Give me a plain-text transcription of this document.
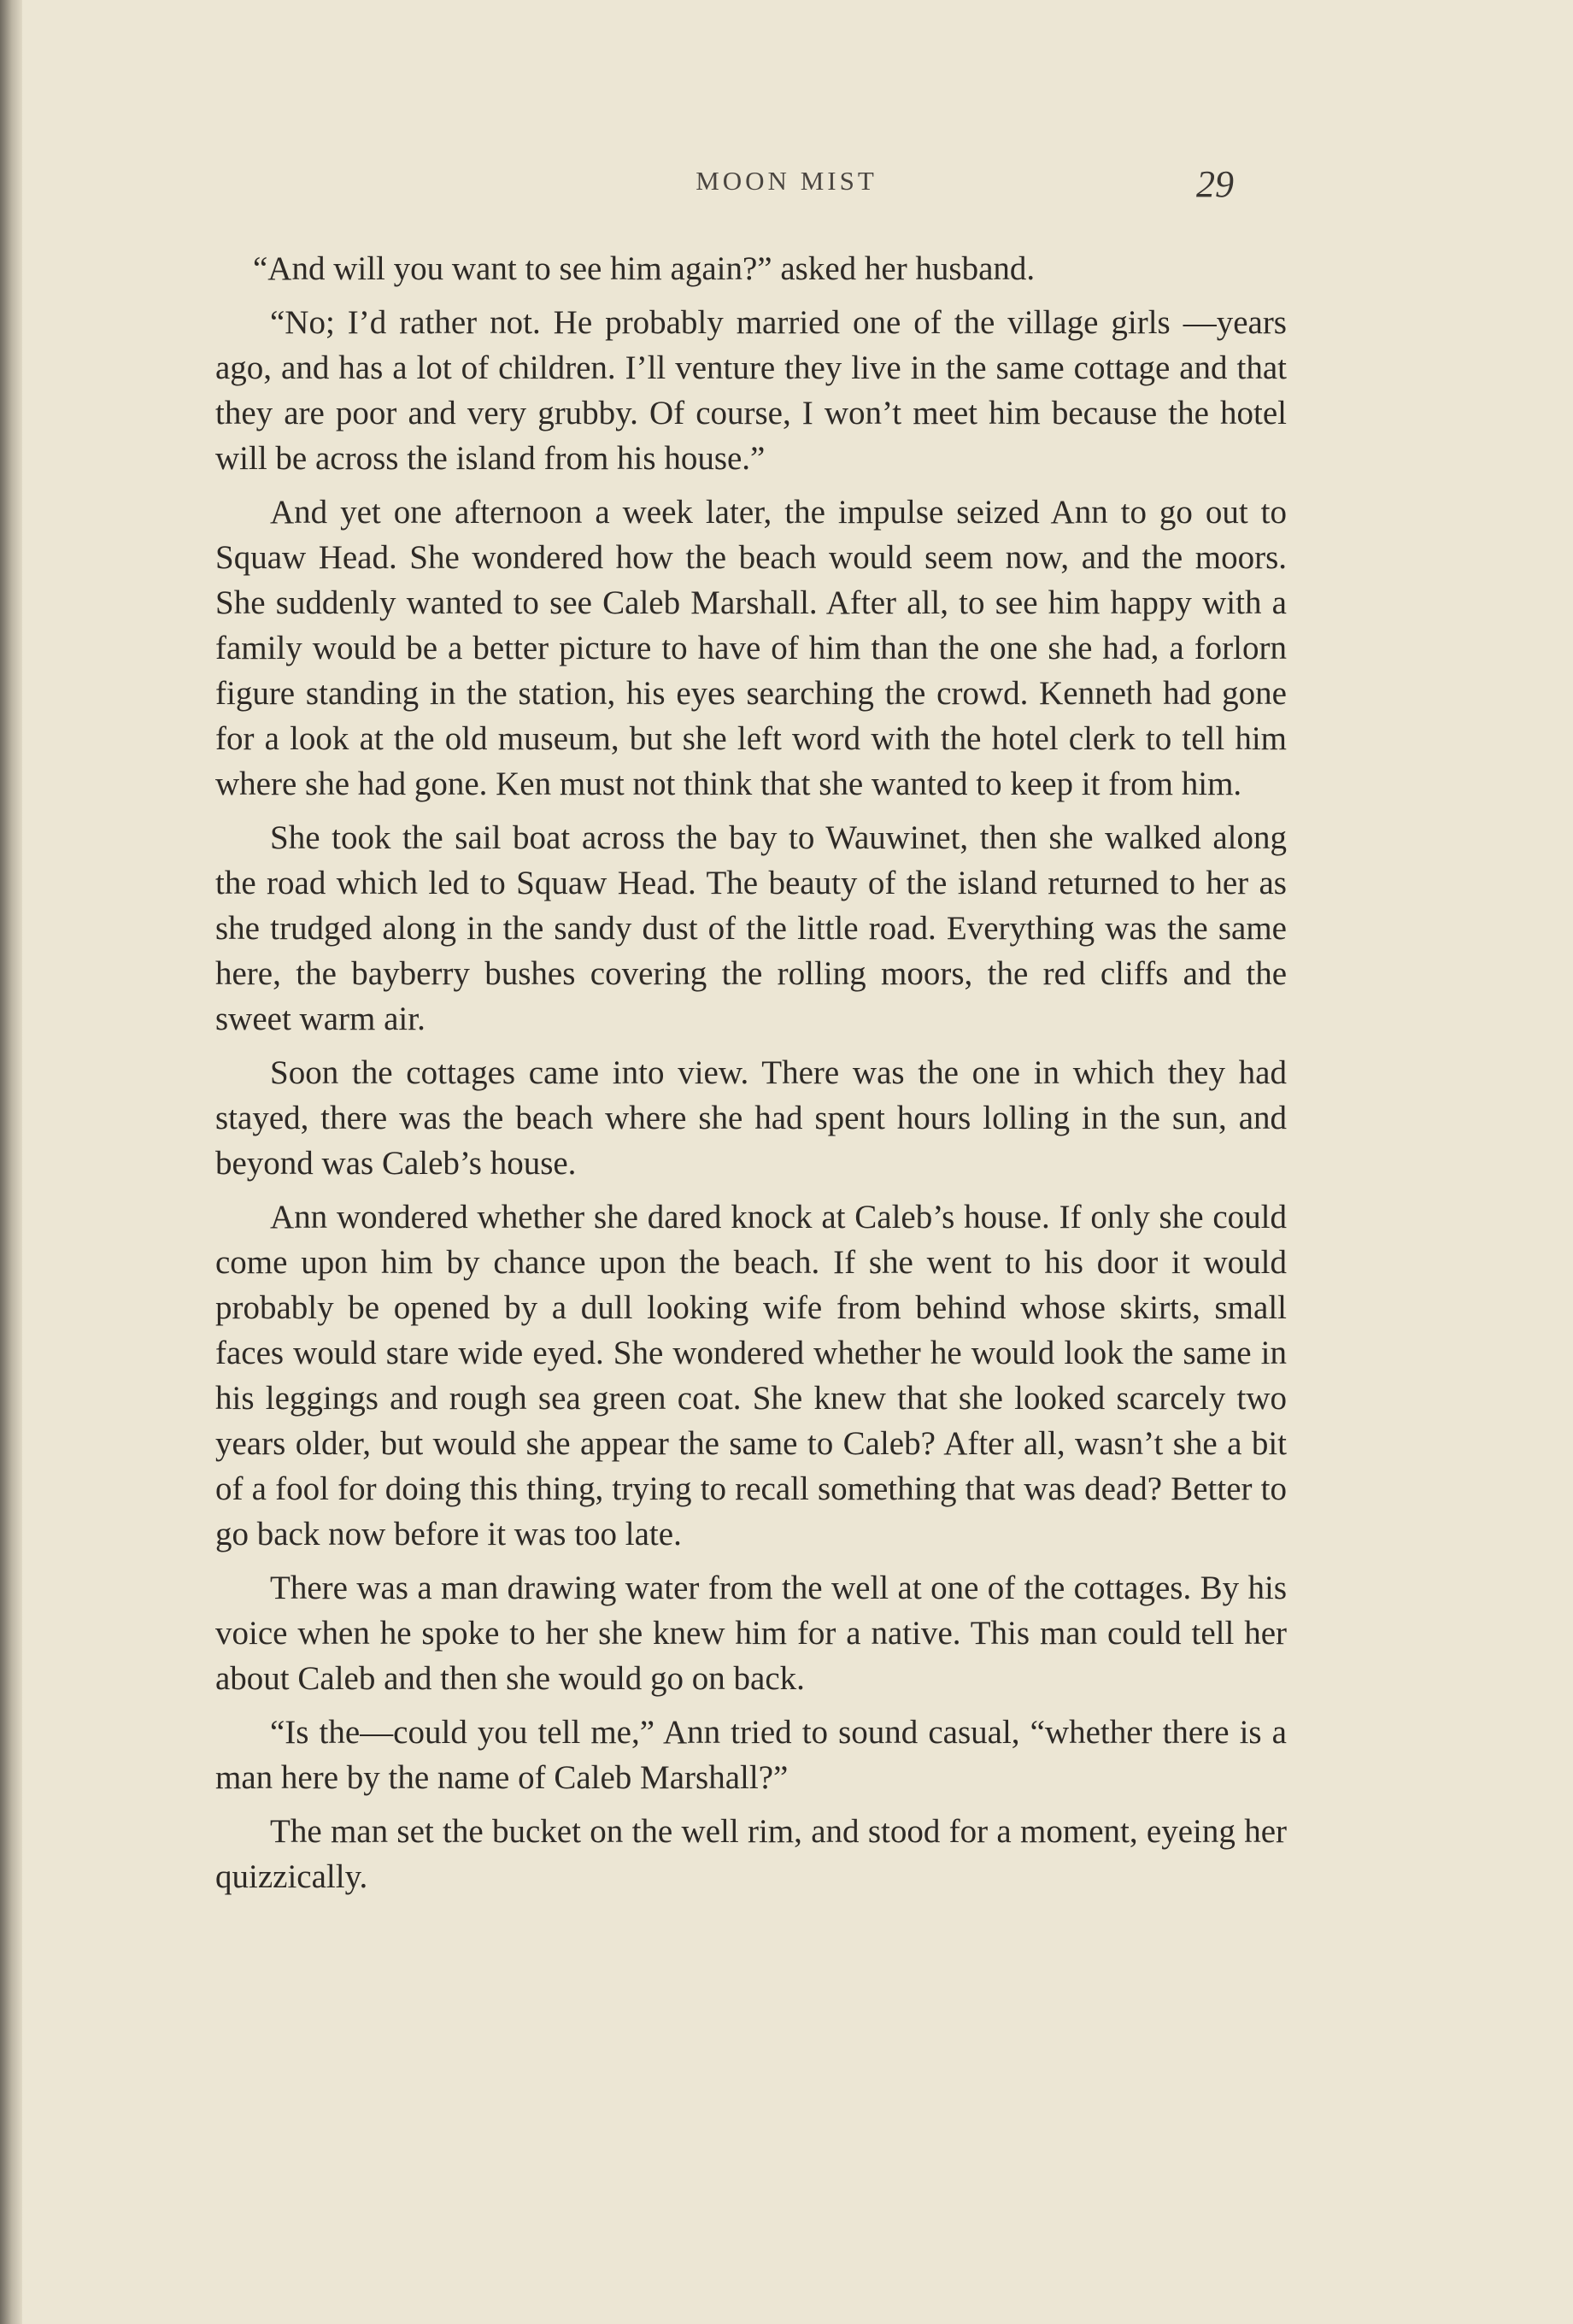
MOON MIST	29

“And will you want to see him again?” asked her husband.

“No; I’d rather not. He probably married one of the village girls —years ago, and has a lot of children. I’ll venture they live in the same cottage and that they are poor and very grubby. Of course, I won’t meet him because the hotel will be across the island from his house.”

And yet one afternoon a week later, the impulse seized Ann to go out to Squaw Head. She wondered how the beach would seem now, and the moors. She suddenly wanted to see Caleb Marshall. After all, to see him happy with a family would be a better picture to have of him than the one she had, a forlorn figure standing in the station, his eyes searching the crowd. Kenneth had gone for a look at the old museum, but she left word with the hotel clerk to tell him where she had gone. Ken must not think that she wanted to keep it from him.

She took the sail boat across the bay to Wauwinet, then she walked along the road which led to Squaw Head. The beauty of the island returned to her as she trudged along in the sandy dust of the little road. Everything was the same here, the bayberry bushes covering the rolling moors, the red cliffs and the sweet warm air.

Soon the cottages came into view. There was the one in which they had stayed, there was the beach where she had spent hours lolling in the sun, and beyond was Caleb’s house.

Ann wondered whether she dared knock at Caleb’s house. If only she could come upon him by chance upon the beach. If she went to his door it would probably be opened by a dull looking wife from behind whose skirts, small faces would stare wide eyed. She wondered whether he would look the same in his leggings and rough sea green coat. She knew that she looked scarcely two years older, but would she appear the same to Caleb? After all, wasn’t she a bit of a fool for doing this thing, trying to recall something that was dead? Better to go back now before it was too late.

There was a man drawing water from the well at one of the cottages. By his voice when he spoke to her she knew him for a native. This man could tell her about Caleb and then she would go on back.

“Is the—could you tell me,” Ann tried to sound casual, “whether there is a man here by the name of Caleb Marshall?”

The man set the bucket on the well rim, and stood for a moment, eyeing her quizzically.
